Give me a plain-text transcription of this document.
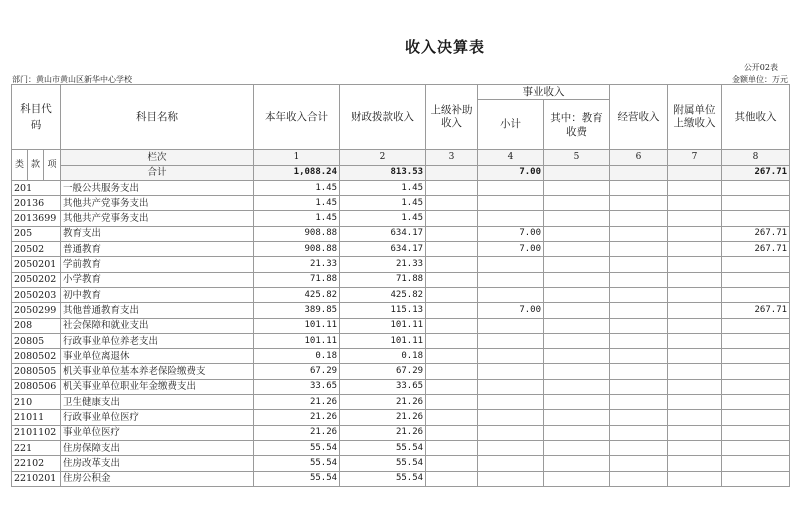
收入决算表
公开02表
部门：黄山市黄山区新华中心学校	金额单位：万元
科目代码			科目名称	本年收入合计	财政拨款收入	上级补助收入	事业收入		经营收入	附属单位上缴收入	其他收入
							小计	其中：教育收费			

类	款	项	栏次	1	2	3	4	5	6	7	8
			合计	1,088.24	813.53		7.00				267.71
201			一般公共服务支出	1.45	1.45						
20136			其他共产党事务支出	1.45	1.45						
2013699			其他共产党事务支出	1.45	1.45						
205			教育支出	908.88	634.17		7.00				267.71
20502			普通教育	908.88	634.17		7.00				267.71
2050201			学前教育	21.33	21.33						
2050202			小学教育	71.88	71.88						
2050203			初中教育	425.82	425.82						
2050299			其他普通教育支出	389.85	115.13		7.00				267.71
208			社会保障和就业支出	101.11	101.11						
20805			行政事业单位养老支出	101.11	101.11						
2080502			事业单位离退休	0.18	0.18						
2080505			机关事业单位基本养老保险缴费支	67.29	67.29						
2080506			机关事业单位职业年金缴费支出	33.65	33.65						
210			卫生健康支出	21.26	21.26						
21011			行政事业单位医疗	21.26	21.26						
2101102			事业单位医疗	21.26	21.26						
221			住房保障支出	55.54	55.54						
22102			住房改革支出	55.54	55.54						
2210201			住房公积金	55.54	55.54						
